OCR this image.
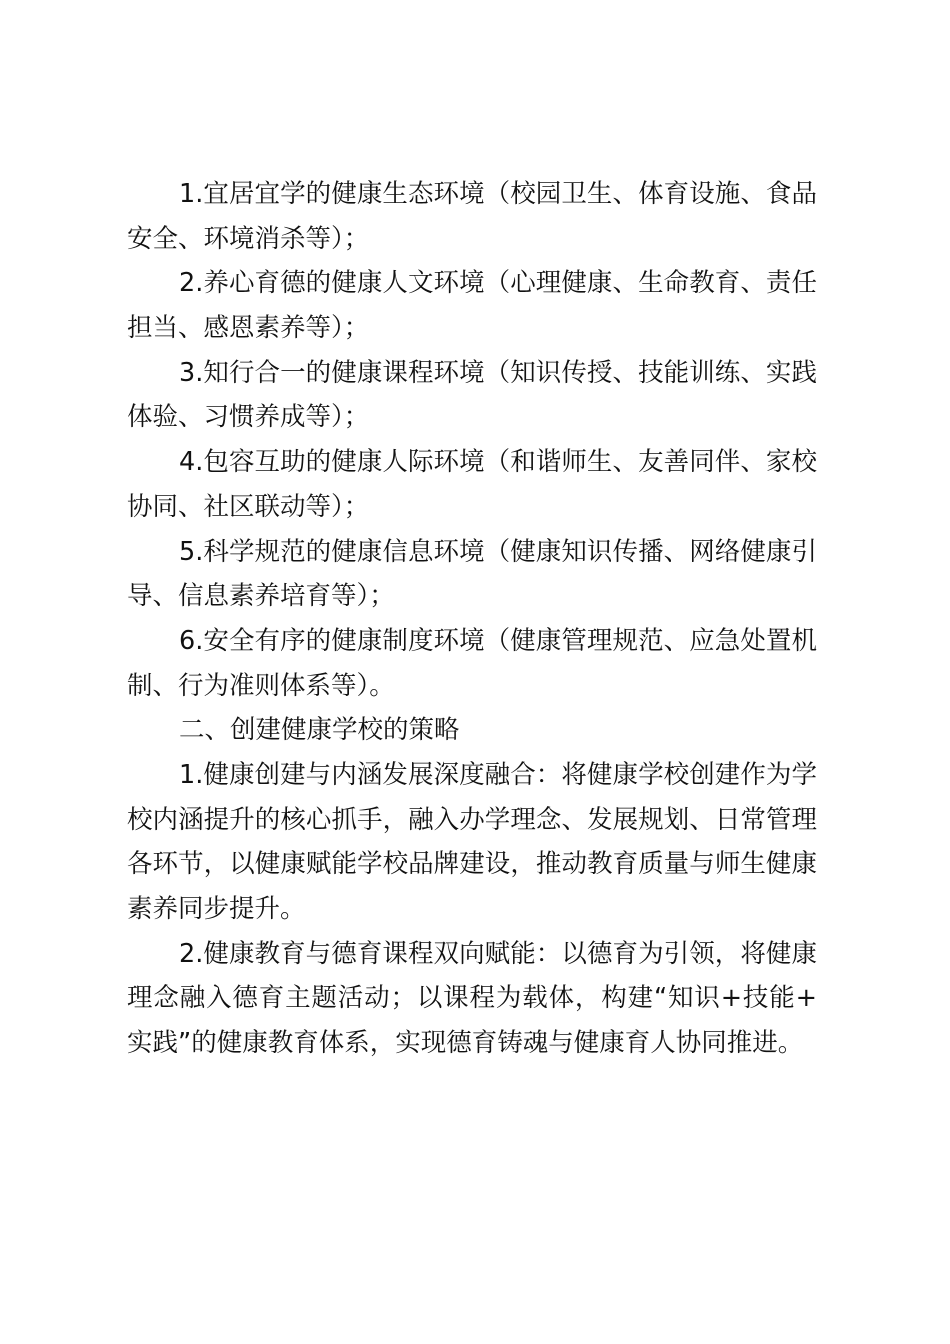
1.宜居宜学的健康生态环境（校园卫生、体育设施、食品
安全、环境消杀等）；
2.养心育德的健康人文环境（心理健康、生命教育、责任
担当、感恩素养等）；
3.知行合一的健康课程环境（知识传授、技能训练、实践
体验、习惯养成等）；
4.包容互助的健康人际环境（和谐师生、友善同伴、家校
协同、社区联动等）；
5.科学规范的健康信息环境（健康知识传播、网络健康引
导、信息素养培育等）；
6.安全有序的健康制度环境（健康管理规范、应急处置机
制、行为准则体系等）。
二、创建健康学校的策略
1.健康创建与内涵发展深度融合：将健康学校创建作为学
校内涵提升的核心抓手，融入办学理念、发展规划、日常管理
各环节，以健康赋能学校品牌建设，推动教育质量与师生健康
素养同步提升。
2.健康教育与德育课程双向赋能：以德育为引领，将健康
理念融入德育主题活动；以课程为载体，构建“知识+技能+
实践”的健康教育体系，实现德育铸魂与健康育人协同推进。
